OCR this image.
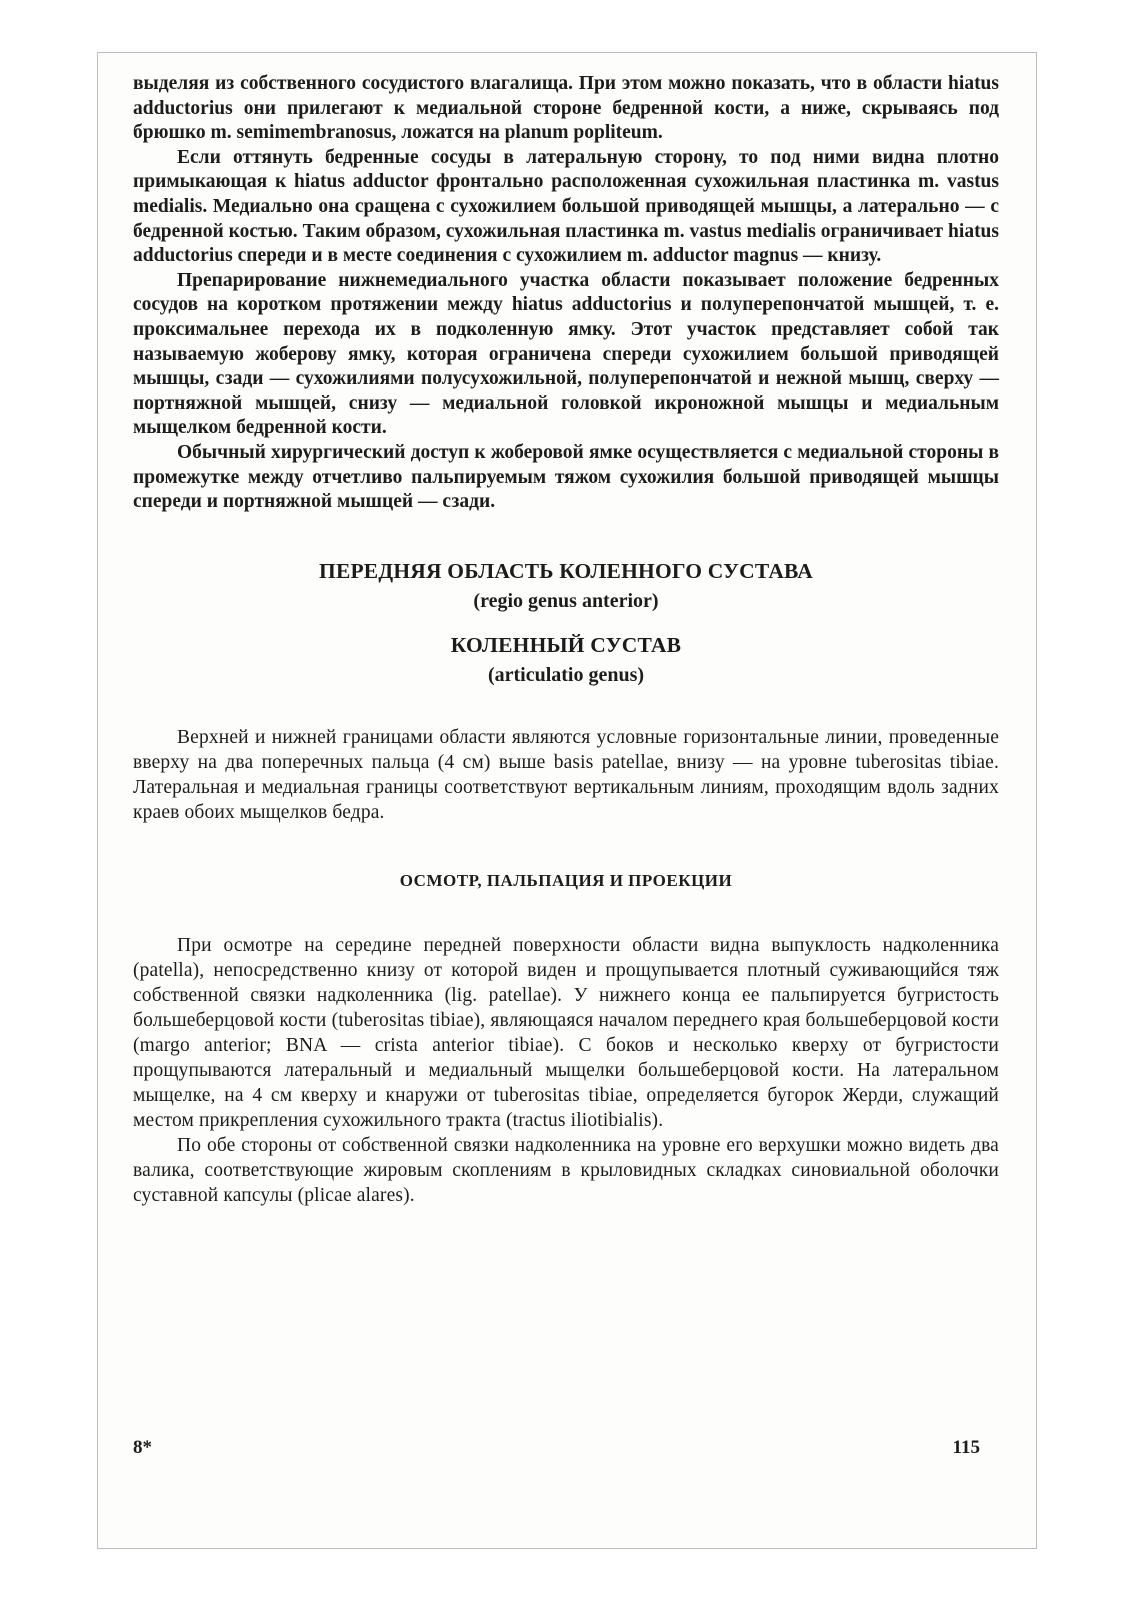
выделяя из собственного сосудистого влагалища. При этом можно показать, что в области hiatus adductorius они прилегают к медиальной стороне бедренной кости, а ниже, скрываясь под брюшко m. semimembranosus, ложатся на planum popliteum.

Если оттянуть бедренные сосуды в латеральную сторону, то под ними видна плотно примыкающая к hiatus adductor фронтально расположенная сухожильная пластинка m. vastus medialis. Медиально она сращена с сухожилием большой приводящей мышцы, а латерально — с бедренной костью. Таким образом, сухожильная пластинка m. vastus medialis ограничивает hiatus adductorius спереди и в месте соединения с сухожилием m. adductor magnus — книзу.

Препарирование нижнемедиального участка области показывает положение бедренных сосудов на коротком протяжении между hiatus adductorius и полуперепончатой мышцей, т. е. проксимальнее перехода их в подколенную ямку. Этот участок представляет собой так называемую жоберову ямку, которая ограничена спереди сухожилием большой приводящей мышцы, сзади — сухожилиями полусухожильной, полуперепончатой и нежной мышц, сверху — портняжной мышцей, снизу — медиальной головкой икроножной мышцы и медиальным мыщелком бедренной кости.

Обычный хирургический доступ к жоберовой ямке осуществляется с медиальной стороны в промежутке между отчетливо пальпируемым тяжом сухожилия большой приводящей мышцы спереди и портняжной мышцей — сзади.

ПЕРЕДНЯЯ ОБЛАСТЬ КОЛЕННОГО СУСТАВА
(regio genus anterior)
КОЛЕННЫЙ СУСТАВ
(articulatio genus)

Верхней и нижней границами области являются условные горизонтальные линии, проведенные вверху на два поперечных пальца (4 см) выше basis patellae, внизу — на уровне tuberositas tibiae. Латеральная и медиальная границы соответствуют вертикальным линиям, проходящим вдоль задних краев обоих мыщелков бедра.

ОСМОТР, ПАЛЬПАЦИЯ И ПРОЕКЦИИ

При осмотре на середине передней поверхности области видна выпуклость надколенника (patella), непосредственно книзу от которой виден и прощупывается плотный суживающийся тяж собственной связки надколенника (lig. patellae). У нижнего конца ее пальпируется бугристость большеберцовой кости (tuberositas tibiae), являющаяся началом переднего края большеберцовой кости (margo anterior; BNA — crista anterior tibiae). С боков и несколько кверху от бугристости прощупываются латеральный и медиальный мыщелки большеберцовой кости. На латеральном мыщелке, на 4 см кверху и кнаружи от tuberositas tibiae, определяется бугорок Жерди, служащий местом прикрепления сухожильного тракта (tractus iliotibialis).

По обе стороны от собственной связки надколенника на уровне его верхушки можно видеть два валика, соответствующие жировым скоплениям в крыловидных складках синовиальной оболочки суставной капсулы (plicae alares).

8*	115
